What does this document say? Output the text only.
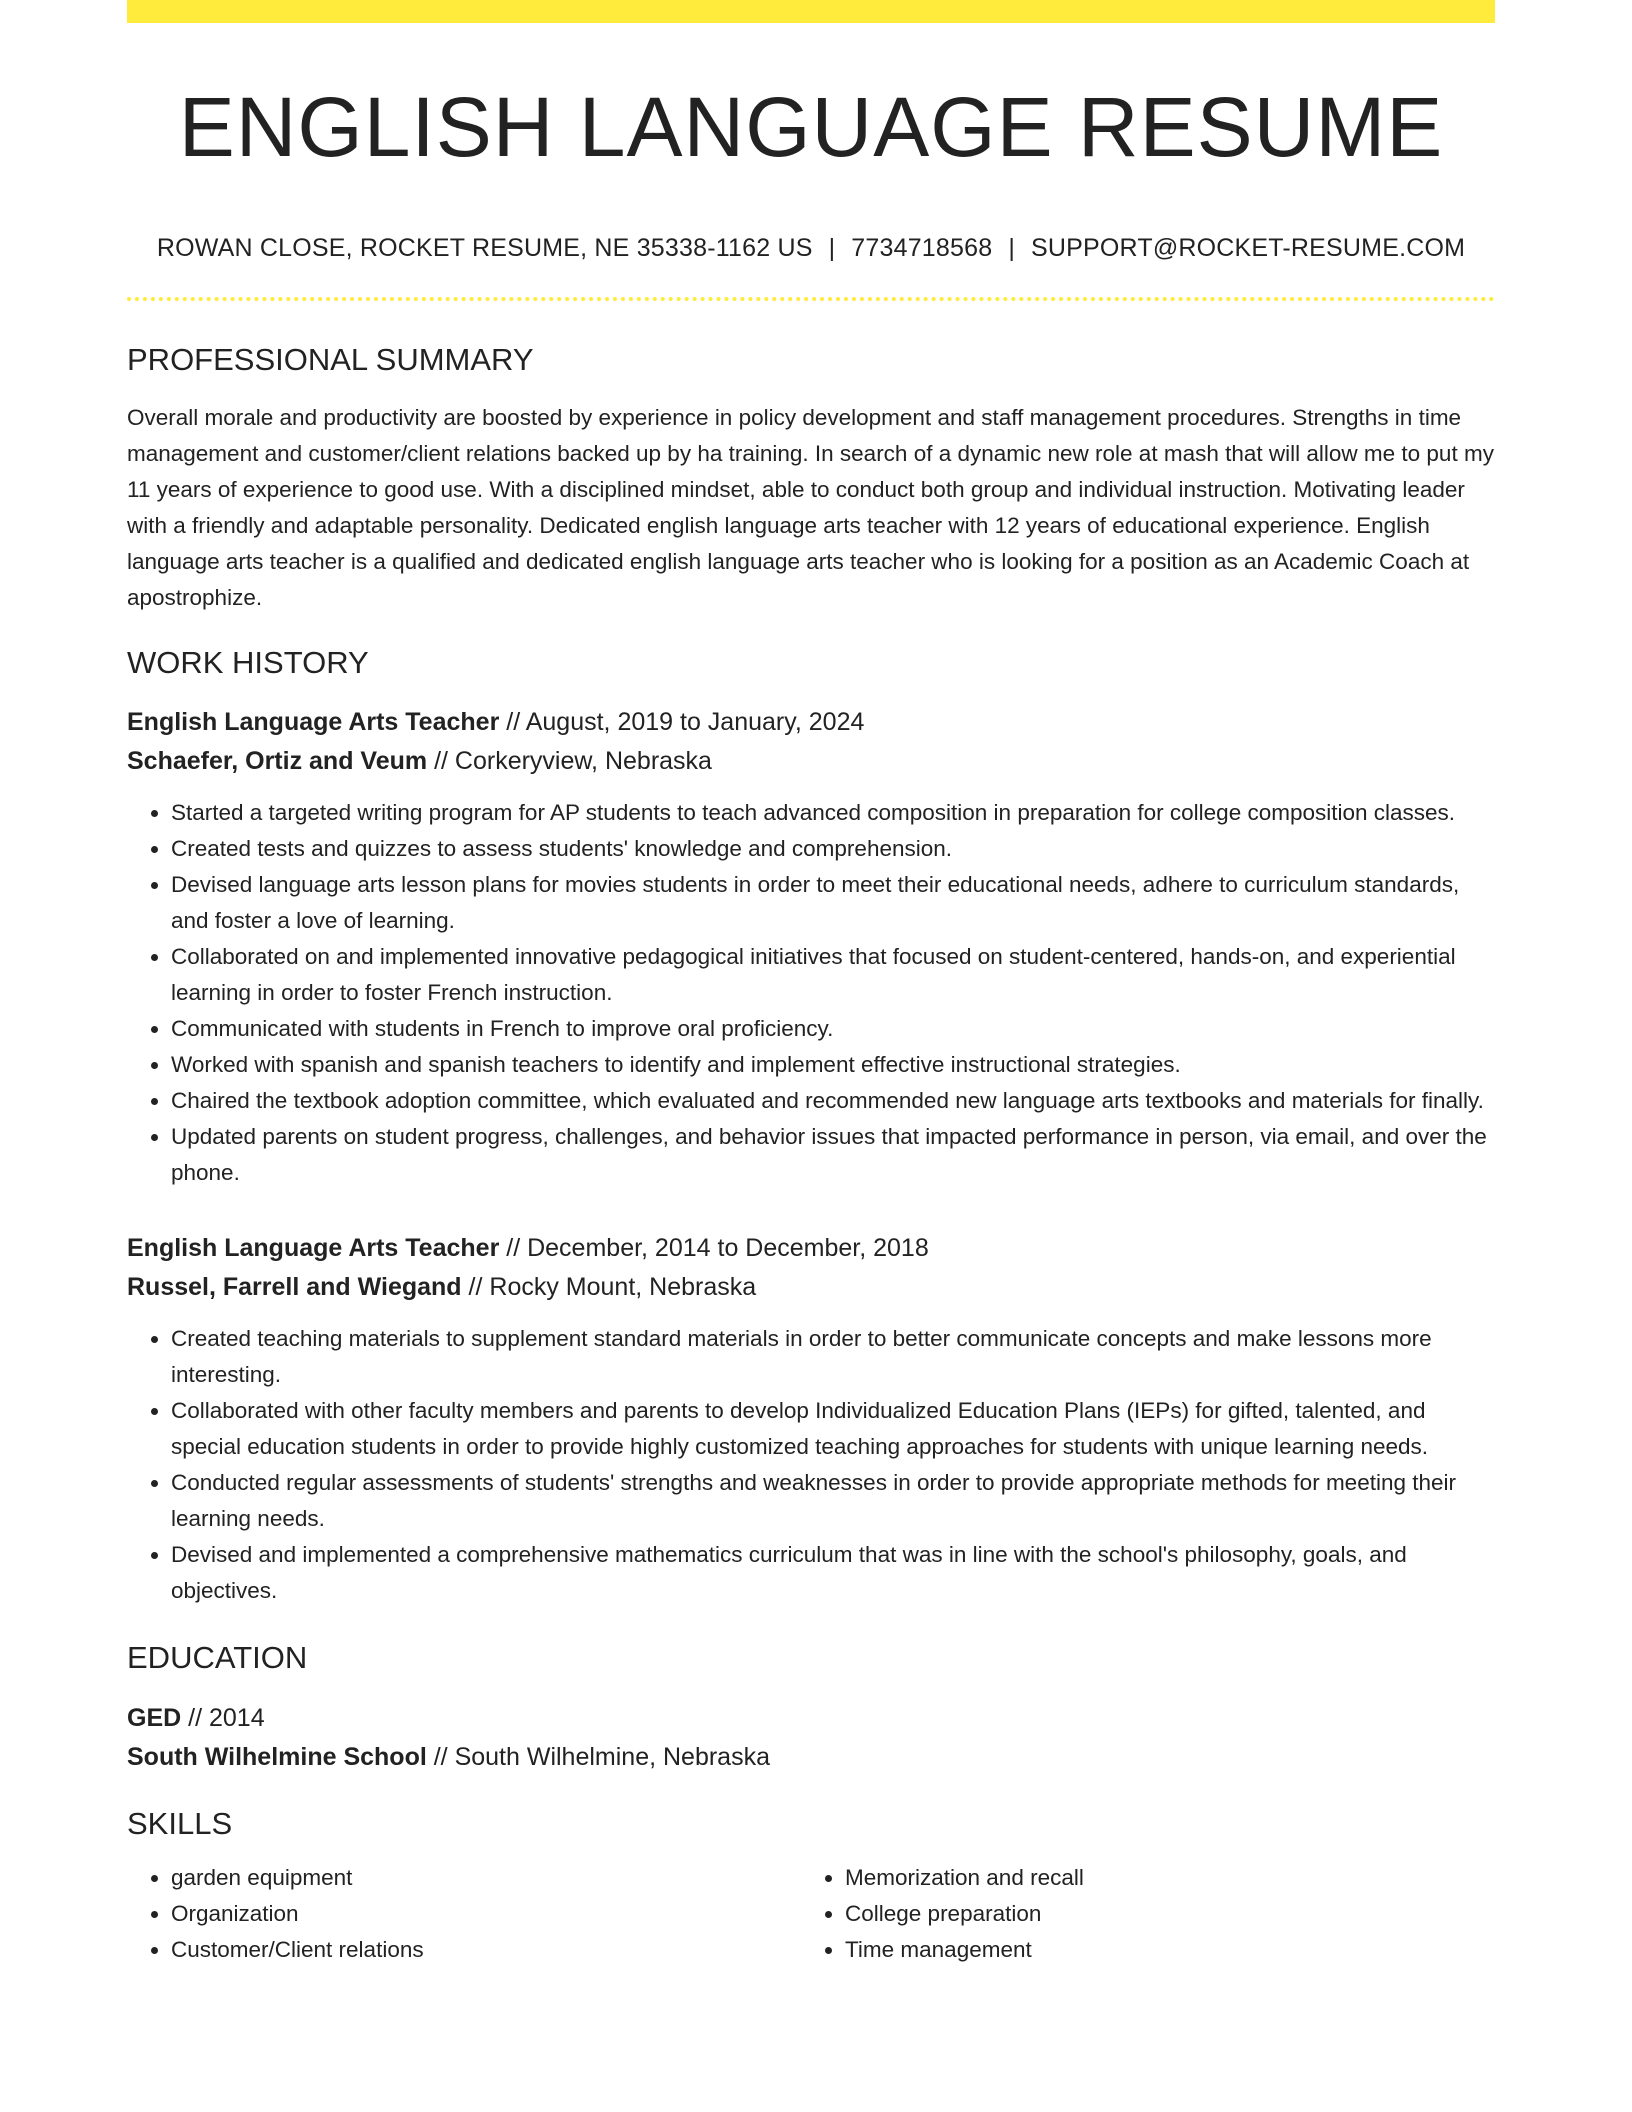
ENGLISH LANGUAGE RESUME
ROWAN CLOSE, ROCKET RESUME, NE 35338-1162 US | 7734718568 | SUPPORT@ROCKET-RESUME.COM
PROFESSIONAL SUMMARY
Overall morale and productivity are boosted by experience in policy development and staff management procedures. Strengths in time management and customer/client relations backed up by ha training. In search of a dynamic new role at mash that will allow me to put my 11 years of experience to good use. With a disciplined mindset, able to conduct both group and individual instruction. Motivating leader with a friendly and adaptable personality. Dedicated english language arts teacher with 12 years of educational experience. English language arts teacher is a qualified and dedicated english language arts teacher who is looking for a position as an Academic Coach at apostrophize.
WORK HISTORY
English Language Arts Teacher // August, 2019 to January, 2024
Schaefer, Ortiz and Veum // Corkeryview, Nebraska
• Started a targeted writing program for AP students to teach advanced composition in preparation for college composition classes.
• Created tests and quizzes to assess students' knowledge and comprehension.
• Devised language arts lesson plans for movies students in order to meet their educational needs, adhere to curriculum standards, and foster a love of learning.
• Collaborated on and implemented innovative pedagogical initiatives that focused on student-centered, hands-on, and experiential learning in order to foster French instruction.
• Communicated with students in French to improve oral proficiency.
• Worked with spanish and spanish teachers to identify and implement effective instructional strategies.
• Chaired the textbook adoption committee, which evaluated and recommended new language arts textbooks and materials for finally.
• Updated parents on student progress, challenges, and behavior issues that impacted performance in person, via email, and over the phone.
English Language Arts Teacher // December, 2014 to December, 2018
Russel, Farrell and Wiegand // Rocky Mount, Nebraska
• Created teaching materials to supplement standard materials in order to better communicate concepts and make lessons more interesting.
• Collaborated with other faculty members and parents to develop Individualized Education Plans (IEPs) for gifted, talented, and special education students in order to provide highly customized teaching approaches for students with unique learning needs.
• Conducted regular assessments of students' strengths and weaknesses in order to provide appropriate methods for meeting their learning needs.
• Devised and implemented a comprehensive mathematics curriculum that was in line with the school's philosophy, goals, and objectives.
EDUCATION
GED // 2014
South Wilhelmine School // South Wilhelmine, Nebraska
SKILLS
• garden equipment
• Organization
• Customer/Client relations
• Memorization and recall
• College preparation
• Time management
